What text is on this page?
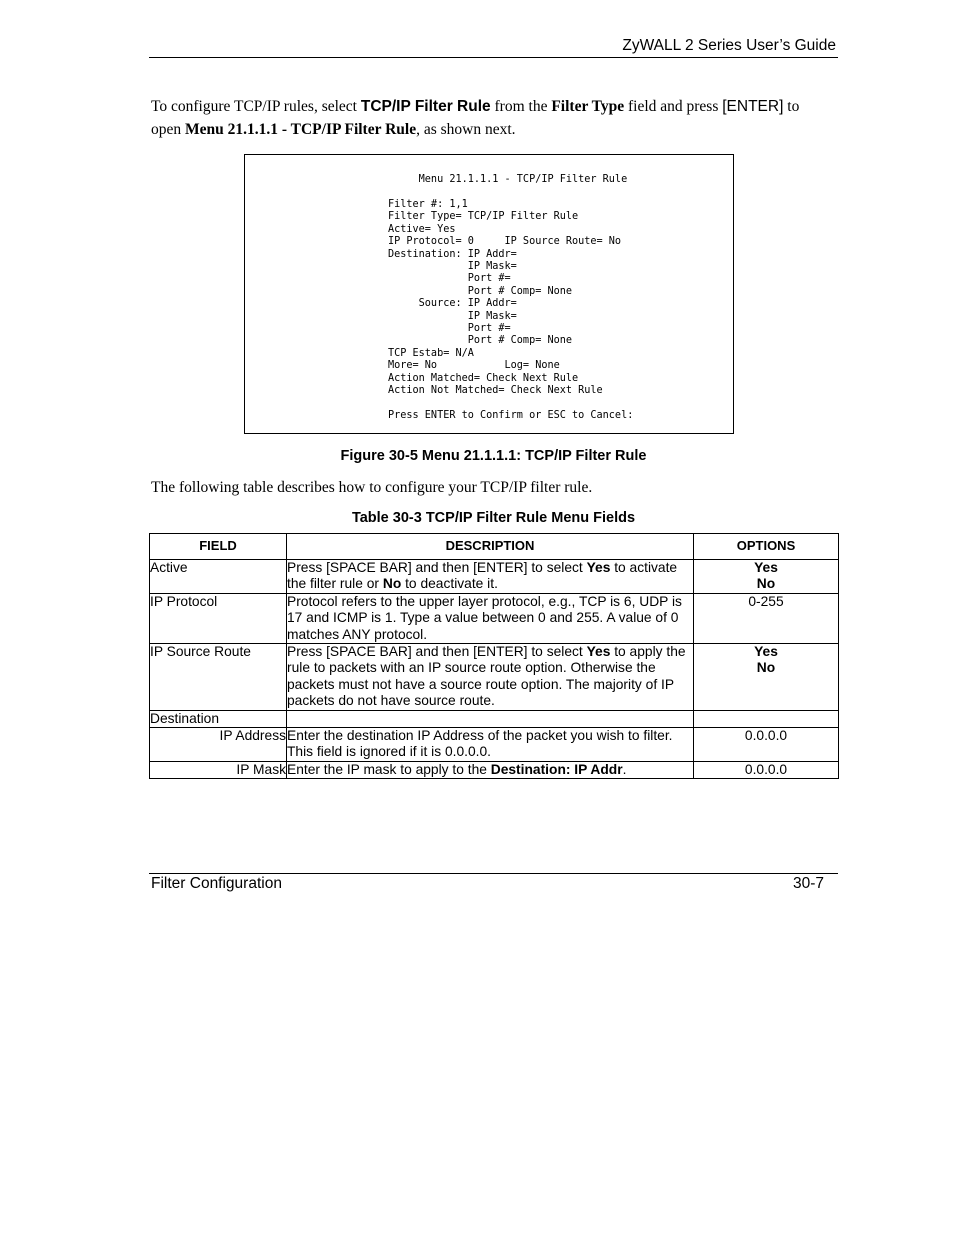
ZyWALL 2 Series User’s Guide
To configure TCP/IP rules, select TCP/IP Filter Rule from the Filter Type field and press [ENTER] to open Menu 21.1.1.1 - TCP/IP Filter Rule, as shown next.
Menu 21.1.1.1 - TCP/IP Filter Rule

Filter #: 1,1
Filter Type= TCP/IP Filter Rule
Active= Yes
IP Protocol= 0     IP Source Route= No
Destination: IP Addr=
IP Mask=
Port #=
Port # Comp= None
Source: IP Addr=
IP Mask=
Port #=
Port # Comp= None
TCP Estab= N/A
More= No           Log= None
Action Matched= Check Next Rule
Action Not Matched= Check Next Rule

Press ENTER to Confirm or ESC to Cancel:
Figure 30-5 Menu 21.1.1.1: TCP/IP Filter Rule
The following table describes how to configure your TCP/IP filter rule.
Table 30-3 TCP/IP Filter Rule Menu Fields
FIELD	DESCRIPTION	OPTIONS
Active	Press [SPACE BAR] and then [ENTER] to select Yes to activate the filter rule or No to deactivate it.	Yes
No
IP Protocol	Protocol refers to the upper layer protocol, e.g., TCP is 6, UDP is 17 and ICMP is 1. Type a value between 0 and 255. A value of 0 matches ANY protocol.	0-255
IP Source Route	Press [SPACE BAR] and then [ENTER] to select Yes to apply the rule to packets with an IP source route option. Otherwise the packets must not have a source route option. The majority of IP packets do not have source route.	Yes
No
Destination		
IP Address	Enter the destination IP Address of the packet you wish to filter. This field is ignored if it is 0.0.0.0.	0.0.0.0
IP Mask	Enter the IP mask to apply to the Destination: IP Addr.	0.0.0.0
Filter Configuration	30-7
